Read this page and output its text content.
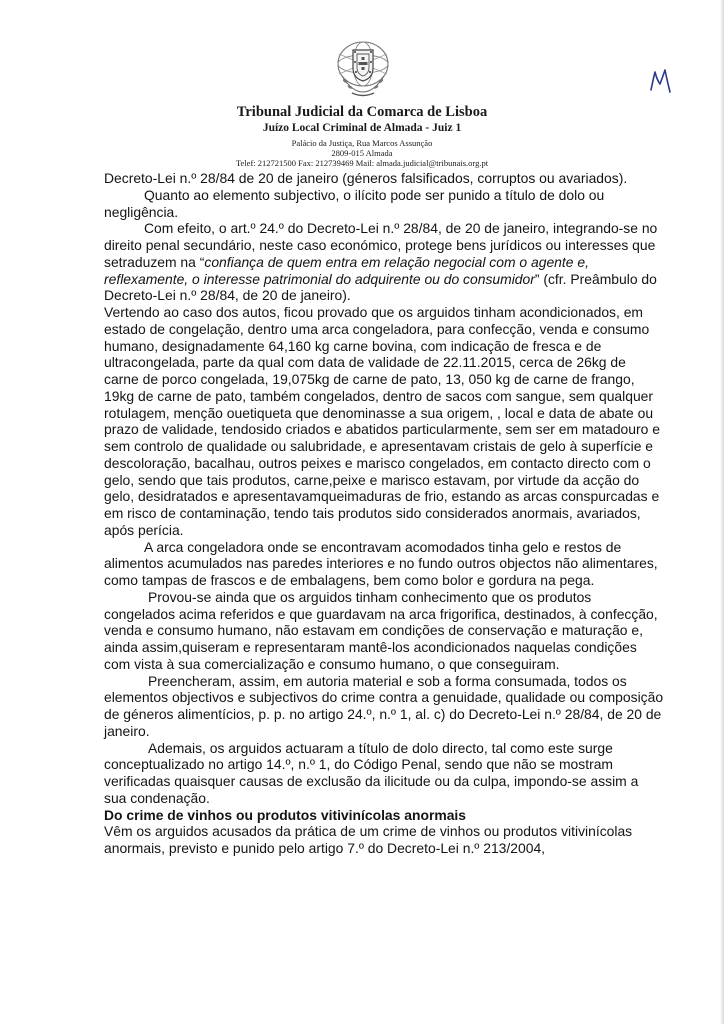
Tribunal Judicial da Comarca de Lisboa
Juízo Local Criminal de Almada - Juiz 1
Palácio da Justiça, Rua Marcos Assunção
2809-015 Almada
Telef: 212721500 Fax: 212739469 Mail: almada.judicial@tribunais.org.pt

Decreto-Lei n.º 28/84 de 20 de janeiro (géneros falsificados, corruptos ou avariados).

Quanto ao elemento subjectivo, o ilícito pode ser punido a título de dolo ou negligência.

Com efeito, o art.º 24.º do Decreto-Lei n.º 28/84, de 20 de janeiro, integrando-se no direito penal secundário, neste caso económico, protege bens jurídicos ou interesses que setraduzem na “confiança de quem entra em relação negocial com o agente e, reflexamente, o interesse patrimonial do adquirente ou do consumidor” (cfr. Preâmbulo do Decreto-Lei n.º 28/84, de 20 de janeiro).

Vertendo ao caso dos autos, ficou provado que os arguidos tinham acondicionados, em estado de congelação, dentro uma arca congeladora, para confecção, venda e consumo humano, designadamente 64,160 kg carne bovina, com indicação de fresca e de ultracongelada, parte da qual com data de validade de 22.11.2015, cerca de 26kg de carne de porco congelada, 19,075kg de carne de pato, 13, 050 kg de carne de frango, 19kg de carne de pato, também congelados, dentro de sacos com sangue, sem qualquer rotulagem, menção ouetiqueta que denominasse a sua origem, , local e data de abate ou prazo de validade, tendosido criados e abatidos particularmente, sem ser em matadouro e sem controlo de qualidade ou salubridade, e apresentavam cristais de gelo à superfície e descoloração, bacalhau, outros peixes e marisco congelados, em contacto directo com o gelo, sendo que tais produtos, carne,peixe e marisco estavam, por virtude da acção do gelo, desidratados e apresentavamqueimaduras de frio, estando as arcas conspurcadas e em risco de contaminação, tendo tais produtos sido considerados anormais, avariados, após perícia.

A arca congeladora onde se encontravam acomodados tinha gelo e restos de alimentos acumulados nas paredes interiores e no fundo outros objectos não alimentares, como tampas de frascos e de embalagens, bem como bolor e gordura na pega.

Provou-se ainda que os arguidos tinham conhecimento que os produtos congelados acima referidos e que guardavam na arca frigorifica, destinados, à confecção, venda e consumo humano, não estavam em condições de conservação e maturação e, ainda assim,quiseram e representaram mantê-los acondicionados naquelas condições com vista à sua comercialização e consumo humano, o que conseguiram.

Preencheram, assim, em autoria material e sob a forma consumada, todos os elementos objectivos e subjectivos do crime contra a genuidade, qualidade ou composição de géneros alimentícios, p. p. no artigo 24.º, n.º 1, al. c) do Decreto-Lei n.º 28/84, de 20 de janeiro.

Ademais, os arguidos actuaram a título de dolo directo, tal como este surge conceptualizado no artigo 14.º, n.º 1, do Código Penal, sendo que não se mostram verificadas quaisquer causas de exclusão da ilicitude ou da culpa, impondo-se assim a sua condenação.

Do crime de vinhos ou produtos vitivinícolas anormais

Vêm os arguidos acusados da prática de um crime de vinhos ou produtos vitivinícolas anormais, previsto e punido pelo artigo 7.º do Decreto-Lei n.º 213/2004,
